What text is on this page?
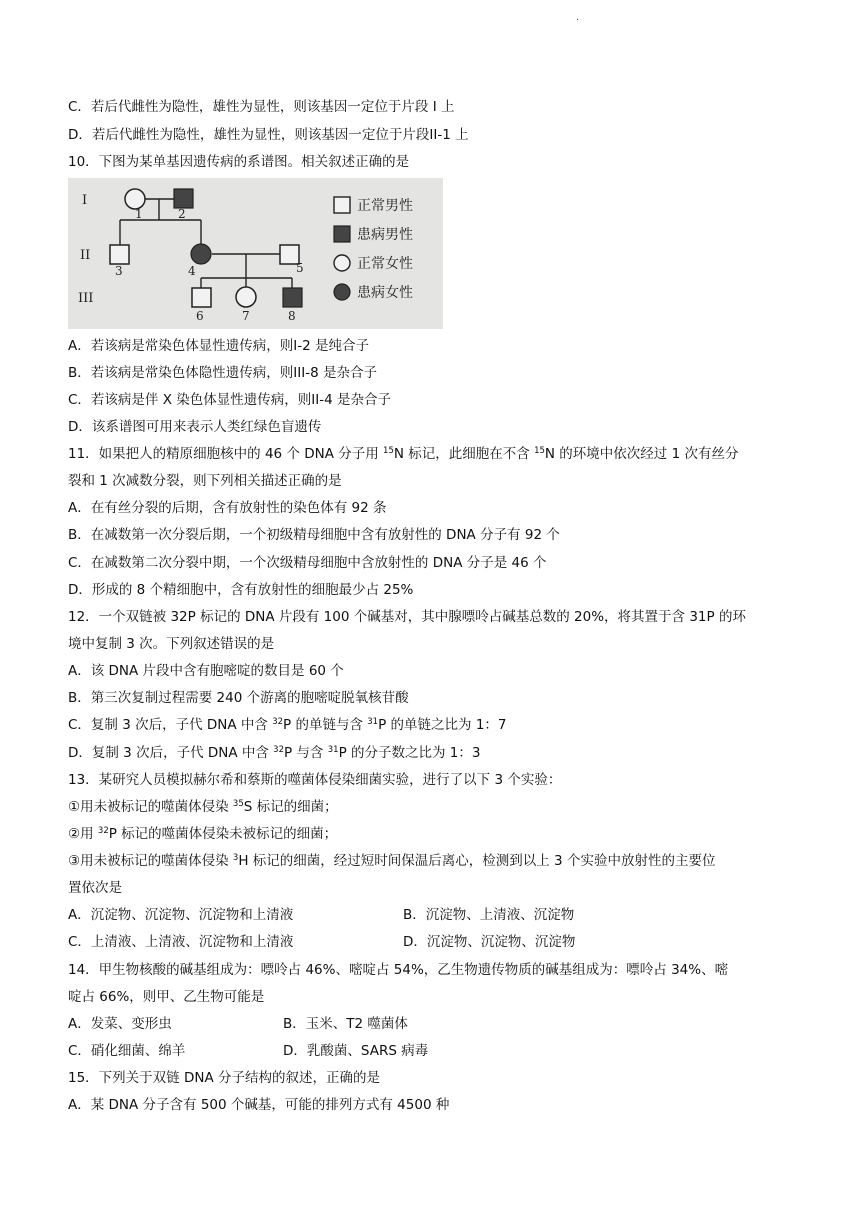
.
C．若后代雌性为隐性，雄性为显性，则该基因一定位于片段 I 上
D．若后代雌性为隐性，雄性为显性，则该基因一定位于片段II-1 上
10．下图为某单基因遗传病的系谱图。相关叙述正确的是
I
II
III
1	2
3	4	5
6	7	8
正常男性
患病男性
正常女性
患病女性
A．若该病是常染色体显性遗传病，则I-2 是纯合子
B．若该病是常染色体隐性遗传病，则III-8 是杂合子
C．若该病是伴 X 染色体显性遗传病，则II-4 是杂合子
D．该系谱图可用来表示人类红绿色盲遗传
11．如果把人的精原细胞核中的 46 个 DNA 分子用 $^{15}$N 标记，此细胞在不含 $^{15}$N 的环境中依次经过 1 次有丝分
裂和 1 次减数分裂，则下列相关描述正确的是
A．在有丝分裂的后期，含有放射性的染色体有 92 条
B．在减数第一次分裂后期，一个初级精母细胞中含有放射性的 DNA 分子有 92 个
C．在减数第二次分裂中期，一个次级精母细胞中含放射性的 DNA 分子是 46 个
D．形成的 8 个精细胞中，含有放射性的细胞最少占 25%
12．一个双链被 32P 标记的 DNA 片段有 100 个碱基对，其中腺嘌呤占碱基总数的 20%，将其置于含 31P 的环
境中复制 3 次。下列叙述错误的是
A．该 DNA 片段中含有胞嘧啶的数目是 60 个
B．第三次复制过程需要 240 个游离的胞嘧啶脱氧核苷酸
C．复制 3 次后，子代 DNA 中含 $^{32}$P 的单链与含 $^{31}$P 的单链之比为 1：7
D．复制 3 次后，子代 DNA 中含 $^{32}$P 与含 $^{31}$P 的分子数之比为 1：3
13．某研究人员模拟赫尔希和蔡斯的噬菌体侵染细菌实验，进行了以下 3 个实验：
①用未被标记的噬菌体侵染 $^{35}$S 标记的细菌；
②用 $^{32}$P 标记的噬菌体侵染未被标记的细菌；
③用未被标记的噬菌体侵染 $^3$H 标记的细菌，经过短时间保温后离心，检测到以上 3 个实验中放射性的主要位
置依次是
A．沉淀物、沉淀物、沉淀物和上清液	B．沉淀物、上清液、沉淀物
C．上清液、上清液、沉淀物和上清液	D．沉淀物、沉淀物、沉淀物
14．甲生物核酸的碱基组成为：嘌呤占 46%、嘧啶占 54%，乙生物遗传物质的碱基组成为：嘌呤占 34%、嘧
啶占 66%，则甲、乙生物可能是
A．发菜、变形虫	B．玉米、T2 噬菌体
C．硝化细菌、绵羊	D．乳酸菌、SARS 病毒
15．下列关于双链 DNA 分子结构的叙述，正确的是
A．某 DNA 分子含有 500 个碱基，可能的排列方式有 4500 种
